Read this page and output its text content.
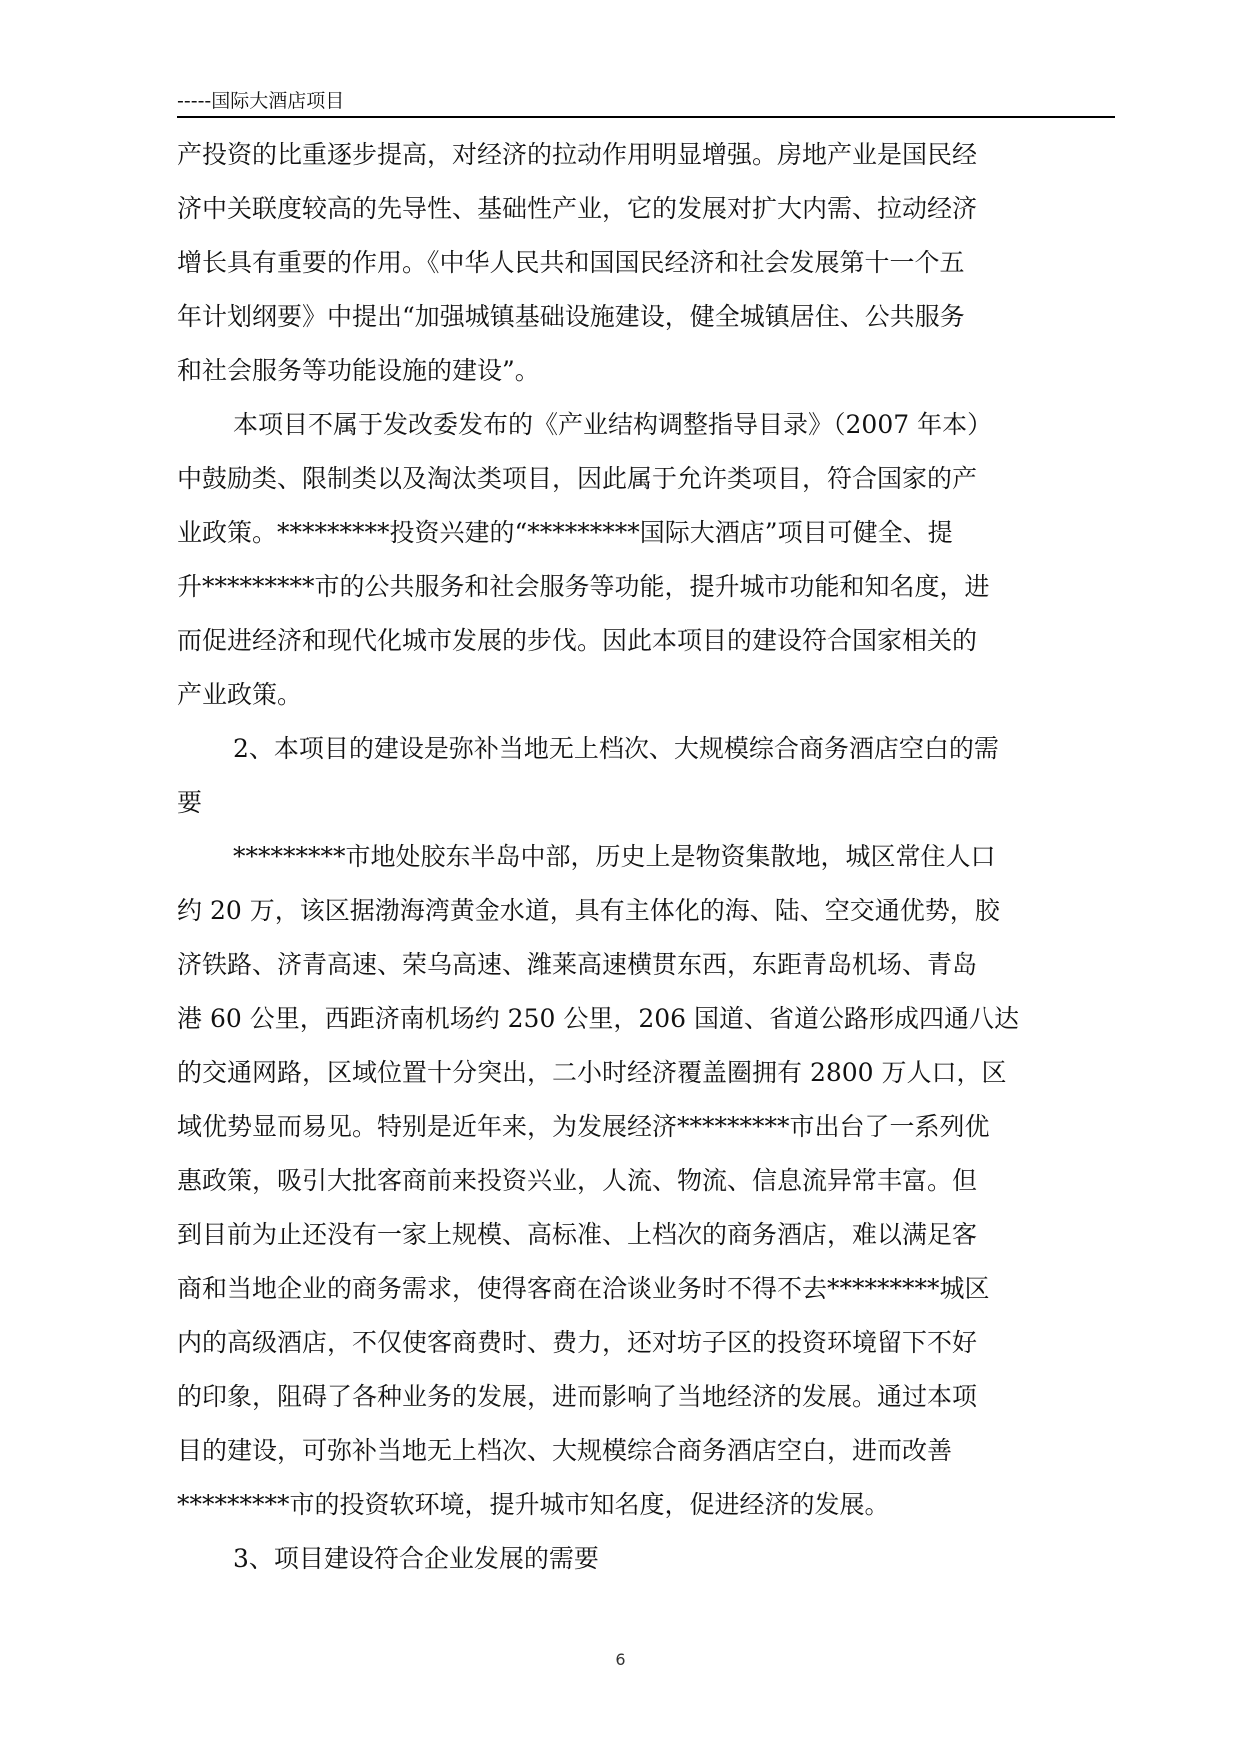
-----国际大酒店项目
产投资的比重逐步提高，对经济的拉动作用明显增强。房地产业是国民经
济中关联度较高的先导性、基础性产业，它的发展对扩大内需、拉动经济
增长具有重要的作用。《中华人民共和国国民经济和社会发展第十一个五
年计划纲要》中提出“加强城镇基础设施建设，健全城镇居住、公共服务
和社会服务等功能设施的建设”。
本项目不属于发改委发布的《产业结构调整指导目录》（2007 年本）
中鼓励类、限制类以及淘汰类项目，因此属于允许类项目，符合国家的产
业政策。*********投资兴建的“*********国际大酒店”项目可健全、提
升*********市的公共服务和社会服务等功能，提升城市功能和知名度，进
而促进经济和现代化城市发展的步伐。因此本项目的建设符合国家相关的
产业政策。
2、本项目的建设是弥补当地无上档次、大规模综合商务酒店空白的需
要
*********市地处胶东半岛中部，历史上是物资集散地，城区常住人口
约 20 万，该区据渤海湾黄金水道，具有主体化的海、陆、空交通优势，胶
济铁路、济青高速、荣乌高速、潍莱高速横贯东西，东距青岛机场、青岛
港 60 公里，西距济南机场约 250 公里，206 国道、省道公路形成四通八达
的交通网路，区域位置十分突出，二小时经济覆盖圈拥有 2800 万人口，区
域优势显而易见。特别是近年来，为发展经济*********市出台了一系列优
惠政策，吸引大批客商前来投资兴业，人流、物流、信息流异常丰富。但
到目前为止还没有一家上规模、高标准、上档次的商务酒店，难以满足客
商和当地企业的商务需求，使得客商在洽谈业务时不得不去*********城区
内的高级酒店，不仅使客商费时、费力，还对坊子区的投资环境留下不好
的印象，阻碍了各种业务的发展，进而影响了当地经济的发展。通过本项
目的建设，可弥补当地无上档次、大规模综合商务酒店空白，进而改善
*********市的投资软环境，提升城市知名度，促进经济的发展。
3、项目建设符合企业发展的需要
6
